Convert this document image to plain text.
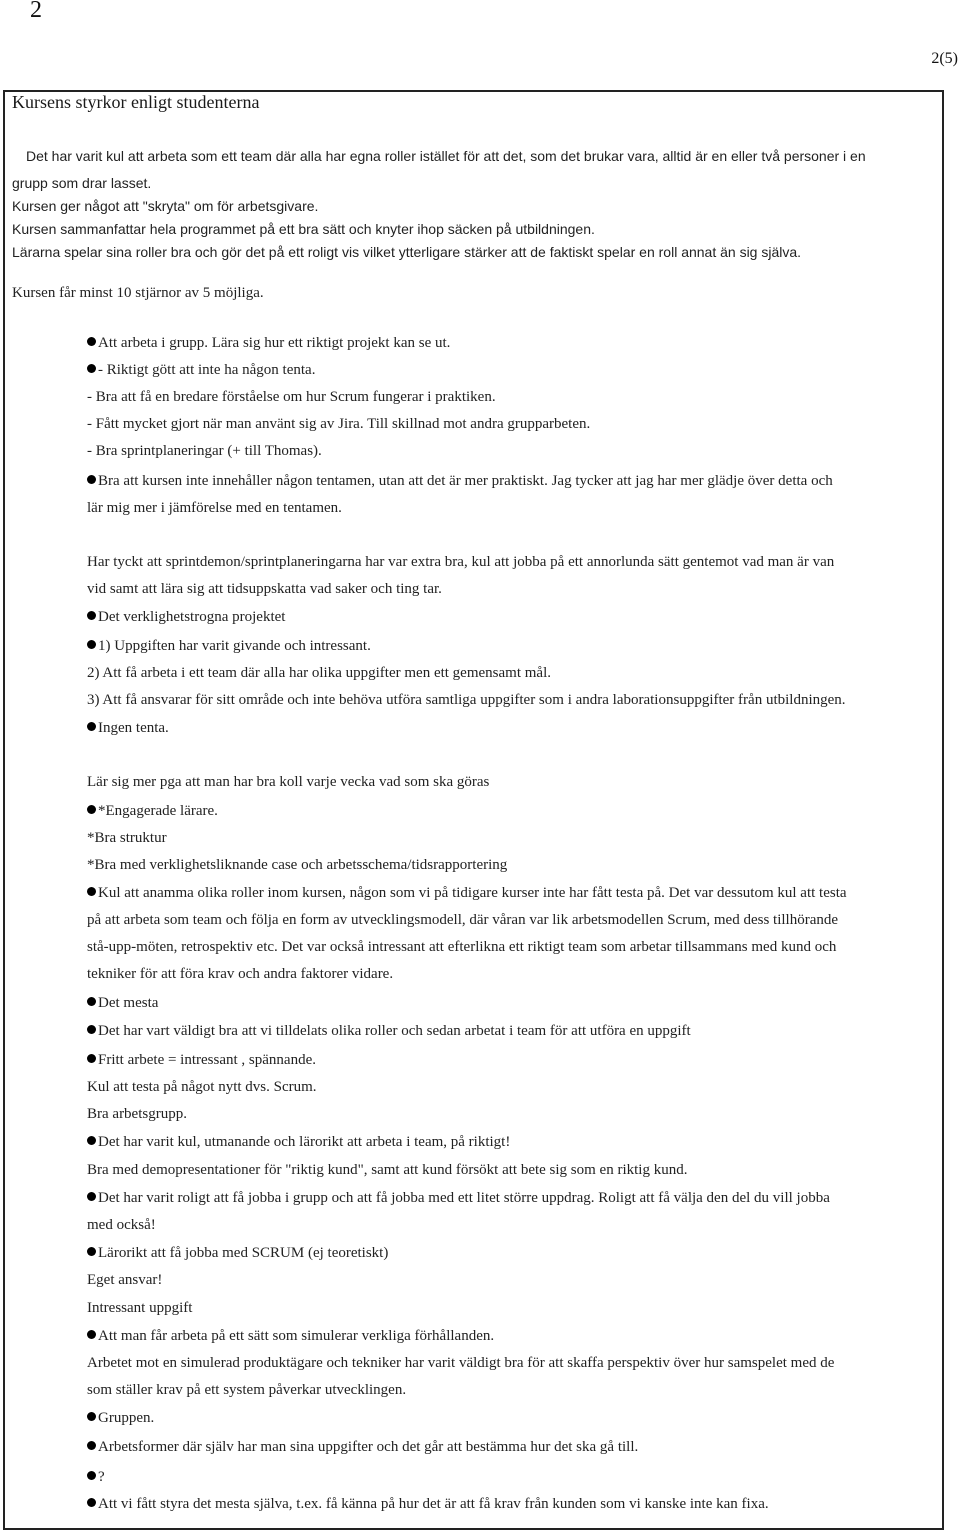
2
2(5)
Kursens styrkor enligt studenterna
Det har varit kul att arbeta som ett team där alla har egna roller istället för att det, som det brukar vara, alltid är en eller två personer i en
grupp som drar lasset.
Kursen ger något att "skryta" om för arbetsgivare.
Kursen sammanfattar hela programmet på ett bra sätt och knyter ihop säcken på utbildningen.
Lärarna spelar sina roller bra och gör det på ett roligt vis vilket ytterligare stärker att de faktiskt spelar en roll annat än sig själva.
Kursen får minst 10 stjärnor av 5 möjliga.
Att arbeta i grupp. Lära sig hur ett riktigt projekt kan se ut.
- Riktigt gött att inte ha någon tenta.
- Bra att få en bredare förståelse om hur Scrum fungerar i praktiken.
- Fått mycket gjort när man använt sig av Jira. Till skillnad mot andra grupparbeten.
- Bra sprintplaneringar (+ till Thomas).
Bra att kursen inte innehåller någon tentamen, utan att det är mer praktiskt. Jag tycker att jag har mer glädje över detta och
lär mig mer i jämförelse med en tentamen.
Har tyckt att sprintdemon/sprintplaneringarna har var extra bra, kul att jobba på ett annorlunda sätt gentemot vad man är van
vid samt att lära sig att tidsuppskatta vad saker och ting tar.
Det verklighetstrogna projektet
1) Uppgiften har varit givande och intressant.
2) Att få arbeta i ett team där alla har olika uppgifter men ett gemensamt mål.
3) Att få ansvarar för sitt område och inte behöva utföra samtliga uppgifter som i andra laborationsuppgifter från utbildningen.
Ingen tenta.
Lär sig mer pga att man har bra koll varje vecka vad som ska göras
*Engagerade lärare.
*Bra struktur
*Bra med verklighetsliknande case och arbetsschema/tidsrapportering
Kul att anamma olika roller inom kursen, någon som vi på tidigare kurser inte har fått testa på. Det var dessutom kul att testa
på att arbeta som team och följa en form av utvecklingsmodell, där våran var lik arbetsmodellen Scrum, med dess tillhörande
stå-upp-möten, retrospektiv etc. Det var också intressant att efterlikna ett riktigt team som arbetar tillsammans med kund och
tekniker för att föra krav och andra faktorer vidare.
Det mesta
Det har vart väldigt bra att vi tilldelats olika roller och sedan arbetat i team för att utföra en uppgift
Fritt arbete = intressant , spännande.
Kul att testa på något nytt dvs. Scrum.
Bra arbetsgrupp.
Det har varit kul, utmanande och lärorikt att arbeta i team, på riktigt!
Bra med demopresentationer för "riktig kund", samt att kund försökt att bete sig som en riktig kund.
Det har varit roligt att få jobba i grupp och att få jobba med ett litet större uppdrag. Roligt att få välja den del du vill jobba
med också!
Lärorikt att få jobba med SCRUM (ej teoretiskt)
Eget ansvar!
Intressant uppgift
Att man får arbeta på ett sätt som simulerar verkliga förhållanden.
Arbetet mot en simulerad produktägare och tekniker har varit väldigt bra för att skaffa perspektiv över hur samspelet med de
som ställer krav på ett system påverkar utvecklingen.
Gruppen.
Arbetsformer där själv har man sina uppgifter och det går att bestämma hur det ska gå till.
?
Att vi fått styra det mesta själva, t.ex. få känna på hur det är att få krav från kunden som vi kanske inte kan fixa.
